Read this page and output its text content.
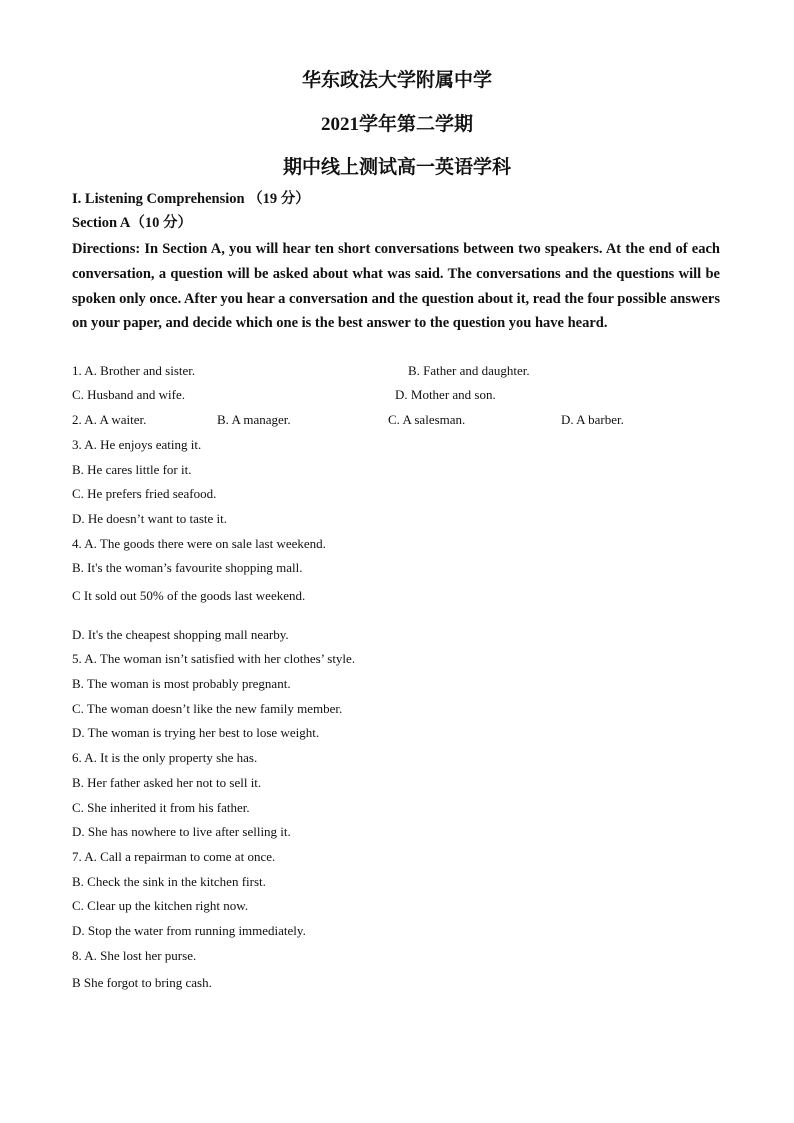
华东政法大学附属中学
2021学年第二学期
期中线上测试高一英语学科
I. Listening Comprehension （19 分）
Section A（10 分）

Directions: In Section A, you will hear ten short conversations between two speakers. At the end of each conversation, a question will be asked about what was said. The conversations and the questions will be spoken only once. After you hear a conversation and the question about it, read the four possible answers on your paper, and decide which one is the best answer to the question you have heard.

1. A. Brother and sister.	B. Father and daughter.
C. Husband and wife.	D. Mother and son.
2. A. A waiter.	B. A manager.	C. A salesman.	D. A barber.
3. A. He enjoys eating it.
B. He cares little for it.
C. He prefers fried seafood.
D. He doesn’t want to taste it.
4. A. The goods there were on sale last weekend.
B. It's the woman’s favourite shopping mall.
C It sold out 50% of the goods last weekend.
D. It's the cheapest shopping mall nearby.
5. A. The woman isn’t satisfied with her clothes’ style.
B. The woman is most probably pregnant.
C. The woman doesn’t like the new family member.
D. The woman is trying her best to lose weight.
6. A. It is the only property she has.
B. Her father asked her not to sell it.
C. She inherited it from his father.
D. She has nowhere to live after selling it.
7. A. Call a repairman to come at once.
B. Check the sink in the kitchen first.
C. Clear up the kitchen right now.
D. Stop the water from running immediately.
8. A. She lost her purse.
B She forgot to bring cash.
